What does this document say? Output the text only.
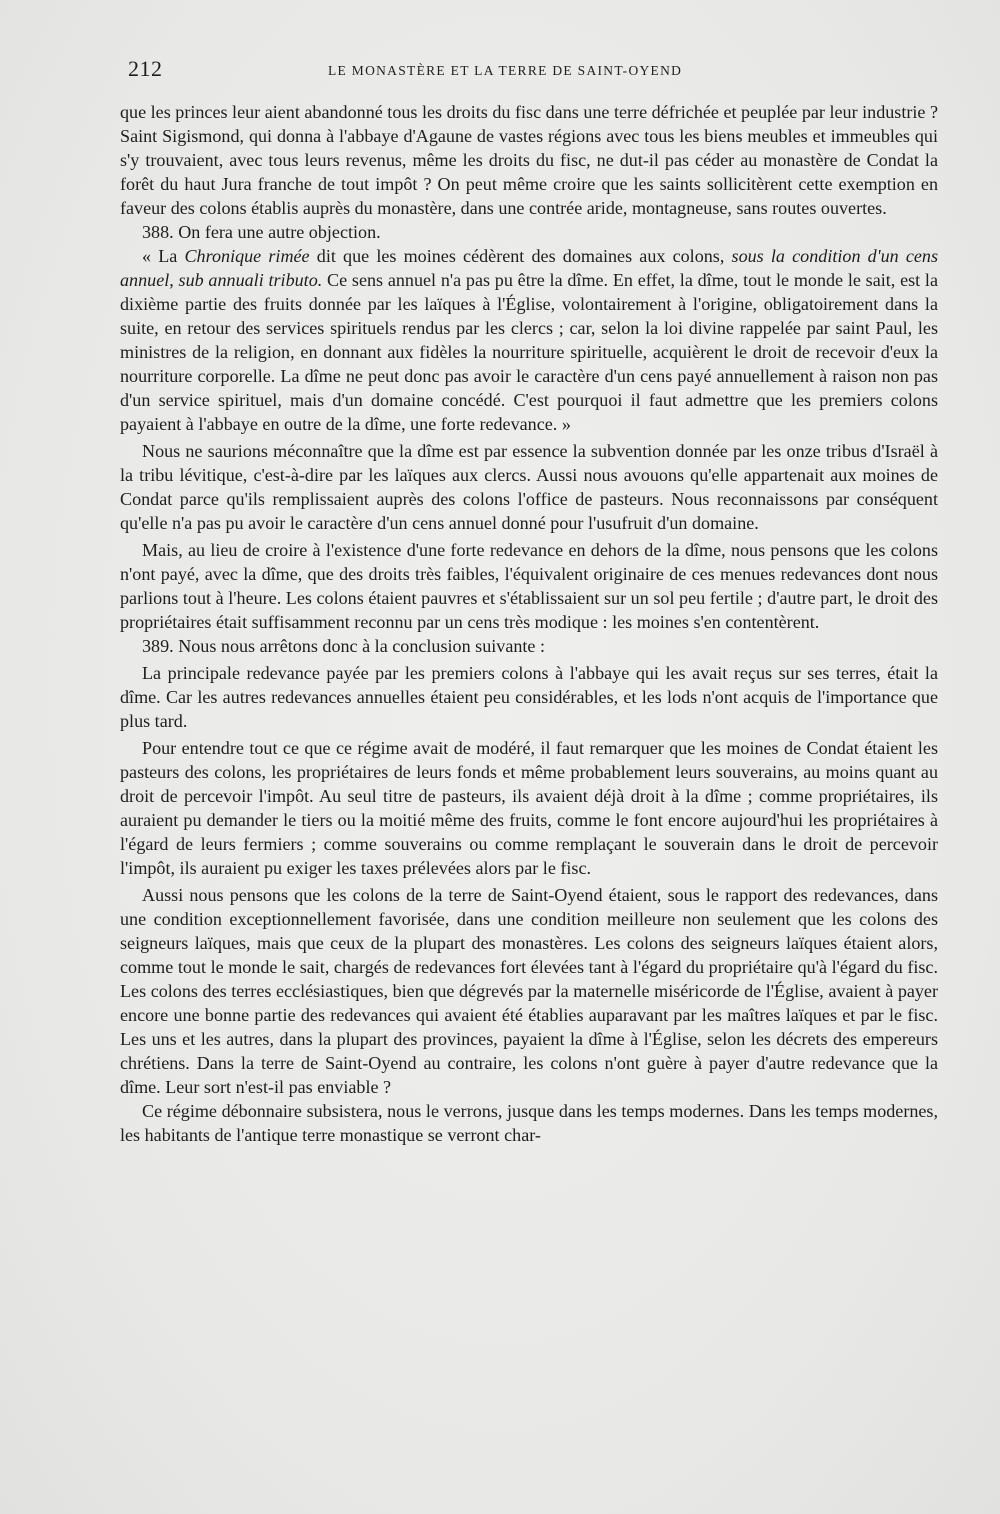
212	LE MONASTÈRE ET LA TERRE DE SAINT-OYEND

que les princes leur aient abandonné tous les droits du fisc dans une terre défrichée et peuplée par leur industrie ? Saint Sigismond, qui donna à l'abbaye d'Agaune de vastes régions avec tous les biens meubles et immeubles qui s'y trouvaient, avec tous leurs revenus, même les droits du fisc, ne dut-il pas céder au monastère de Condat la forêt du haut Jura franche de tout impôt ? On peut même croire que les saints sollicitèrent cette exemption en faveur des colons établis auprès du monastère, dans une contrée aride, montagneuse, sans routes ouvertes.

388. On fera une autre objection.

« La Chronique rimée dit que les moines cédèrent des domaines aux colons, sous la condition d'un cens annuel, sub annuali tributo. Ce sens annuel n'a pas pu être la dîme. En effet, la dîme, tout le monde le sait, est la dixième partie des fruits donnée par les laïques à l'Église, volontairement à l'origine, obligatoirement dans la suite, en retour des services spirituels rendus par les clercs ; car, selon la loi divine rappelée par saint Paul, les ministres de la religion, en donnant aux fidèles la nourriture spirituelle, acquièrent le droit de recevoir d'eux la nourriture corporelle. La dîme ne peut donc pas avoir le caractère d'un cens payé annuellement à raison non pas d'un service spirituel, mais d'un domaine concédé. C'est pourquoi il faut admettre que les premiers colons payaient à l'abbaye en outre de la dîme, une forte redevance. »

Nous ne saurions méconnaître que la dîme est par essence la subvention donnée par les onze tribus d'Israël à la tribu lévitique, c'est-à-dire par les laïques aux clercs. Aussi nous avouons qu'elle appartenait aux moines de Condat parce qu'ils remplissaient auprès des colons l'office de pasteurs. Nous reconnaissons par conséquent qu'elle n'a pas pu avoir le caractère d'un cens annuel donné pour l'usufruit d'un domaine.

Mais, au lieu de croire à l'existence d'une forte redevance en dehors de la dîme, nous pensons que les colons n'ont payé, avec la dîme, que des droits très faibles, l'équivalent originaire de ces menues redevances dont nous parlions tout à l'heure. Les colons étaient pauvres et s'établissaient sur un sol peu fertile ; d'autre part, le droit des propriétaires était suffisamment reconnu par un cens très modique : les moines s'en contentèrent.

389. Nous nous arrêtons donc à la conclusion suivante :

La principale redevance payée par les premiers colons à l'abbaye qui les avait reçus sur ses terres, était la dîme. Car les autres redevances annuelles étaient peu considérables, et les lods n'ont acquis de l'importance que plus tard.

Pour entendre tout ce que ce régime avait de modéré, il faut remarquer que les moines de Condat étaient les pasteurs des colons, les propriétaires de leurs fonds et même probablement leurs souverains, au moins quant au droit de percevoir l'impôt. Au seul titre de pasteurs, ils avaient déjà droit à la dîme ; comme propriétaires, ils auraient pu demander le tiers ou la moitié même des fruits, comme le font encore aujourd'hui les propriétaires à l'égard de leurs fermiers ; comme souverains ou comme remplaçant le souverain dans le droit de percevoir l'impôt, ils auraient pu exiger les taxes prélevées alors par le fisc.

Aussi nous pensons que les colons de la terre de Saint-Oyend étaient, sous le rapport des redevances, dans une condition exceptionnellement favorisée, dans une condition meilleure non seulement que les colons des seigneurs laïques, mais que ceux de la plupart des monastères. Les colons des seigneurs laïques étaient alors, comme tout le monde le sait, chargés de redevances fort élevées tant à l'égard du propriétaire qu'à l'égard du fisc. Les colons des terres ecclésiastiques, bien que dégrevés par la maternelle miséricorde de l'Église, avaient à payer encore une bonne partie des redevances qui avaient été établies auparavant par les maîtres laïques et par le fisc. Les uns et les autres, dans la plupart des provinces, payaient la dîme à l'Église, selon les décrets des empereurs chrétiens. Dans la terre de Saint-Oyend au contraire, les colons n'ont guère à payer d'autre redevance que la dîme. Leur sort n'est-il pas enviable ?

Ce régime débonnaire subsistera, nous le verrons, jusque dans les temps modernes. Dans les temps modernes, les habitants de l'antique terre monastique se verront char-
